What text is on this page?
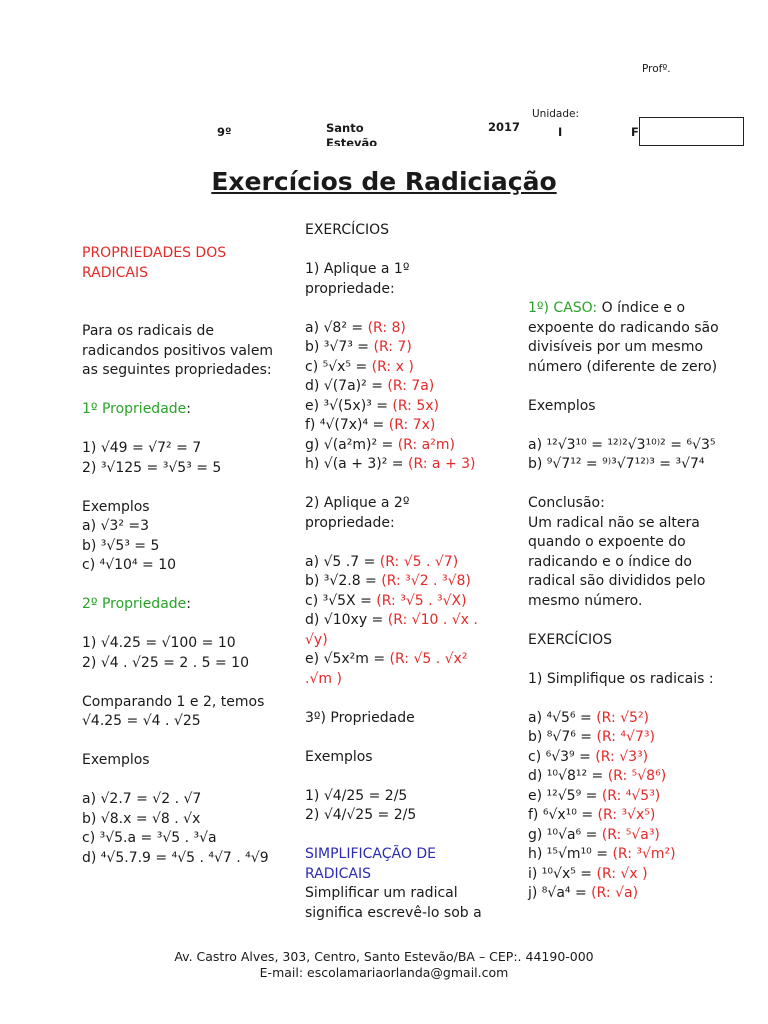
Profº.
Unidade:
9º	Santo
Estevão
2017	I	F
Exercícios de Radiciação
PROPRIEDADES DOS
RADICAIS
Para os radicais de
radicandos positivos valem
as seguintes propriedades:
1º Propriedade:
1) √49 = √7² = 7
2) ³√125 = ³√5³ = 5
Exemplos
a) √3² =3
b) ³√5³ = 5
c) ⁴√10⁴ = 10
2º Propriedade:
1) √4.25 = √100 = 10
2) √4 . √25 = 2 . 5 = 10
Comparando 1 e 2, temos
√4.25 = √4 . √25
Exemplos
a) √2.7 = √2 . √7
b) √8.x = √8 . √x
c) ³√5.a = ³√5 . ³√a
d) ⁴√5.7.9 = ⁴√5 . ⁴√7 . ⁴√9
EXERCÍCIOS
1) Aplique a 1º
propriedade:
a) √8² = (R: 8)
b) ³√7³ = (R: 7)
c) ⁵√x⁵ = (R: x )
d) √(7a)² = (R: 7a)
e) ³√(5x)³ = (R: 5x)
f) ⁴√(7x)⁴ = (R: 7x)
g) √(a²m)² = (R: a²m)
h) √(a + 3)² = (R: a + 3)
2) Aplique a 2º
propriedade:
a) √5 .7 = (R: √5 . √7)
b) ³√2.8 = (R: ³√2 . ³√8)
c) ³√5X = (R: ³√5 . ³√X)
d) √10xy = (R: √10 . √x .
√y)
e) √5x²m = (R: √5 . √x²
.√m )
3º) Propriedade
Exemplos
1) √4/25 = 2/5
2) √4/√25 = 2/5
SIMPLIFICAÇÃO DE
RADICAIS
Simplificar um radical
significa escrevê-lo sob a
1º) CASO: O índice e o
expoente do radicando são
divisíveis por um mesmo
número (diferente de zero)
Exemplos
a) ¹²√3¹⁰ = ¹²⁾²√3¹⁰⁾² = ⁶√3⁵
b) ⁹√7¹² = ⁹⁾³√7¹²⁾³ = ³√7⁴
Conclusão:
Um radical não se altera
quando o expoente do
radicando e o índice do
radical são divididos pelo
mesmo número.
EXERCÍCIOS
1) Simplifique os radicais :
a) ⁴√5⁶ = (R: √5²)
b) ⁸√7⁶ = (R: ⁴√7³)
c) ⁶√3⁹ = (R: √3³)
d) ¹⁰√8¹² = (R: ⁵√8⁶)
e) ¹²√5⁹ = (R: ⁴√5³)
f) ⁶√x¹⁰ = (R: ³√x⁵)
g) ¹⁰√a⁶ = (R: ⁵√a³)
h) ¹⁵√m¹⁰ = (R: ³√m²)
i) ¹⁰√x⁵ = (R: √x )
j) ⁸√a⁴ = (R: √a)
Av. Castro Alves, 303, Centro, Santo Estevão/BA – CEP:. 44190-000
E-mail: escolamariaorlanda@gmail.com
